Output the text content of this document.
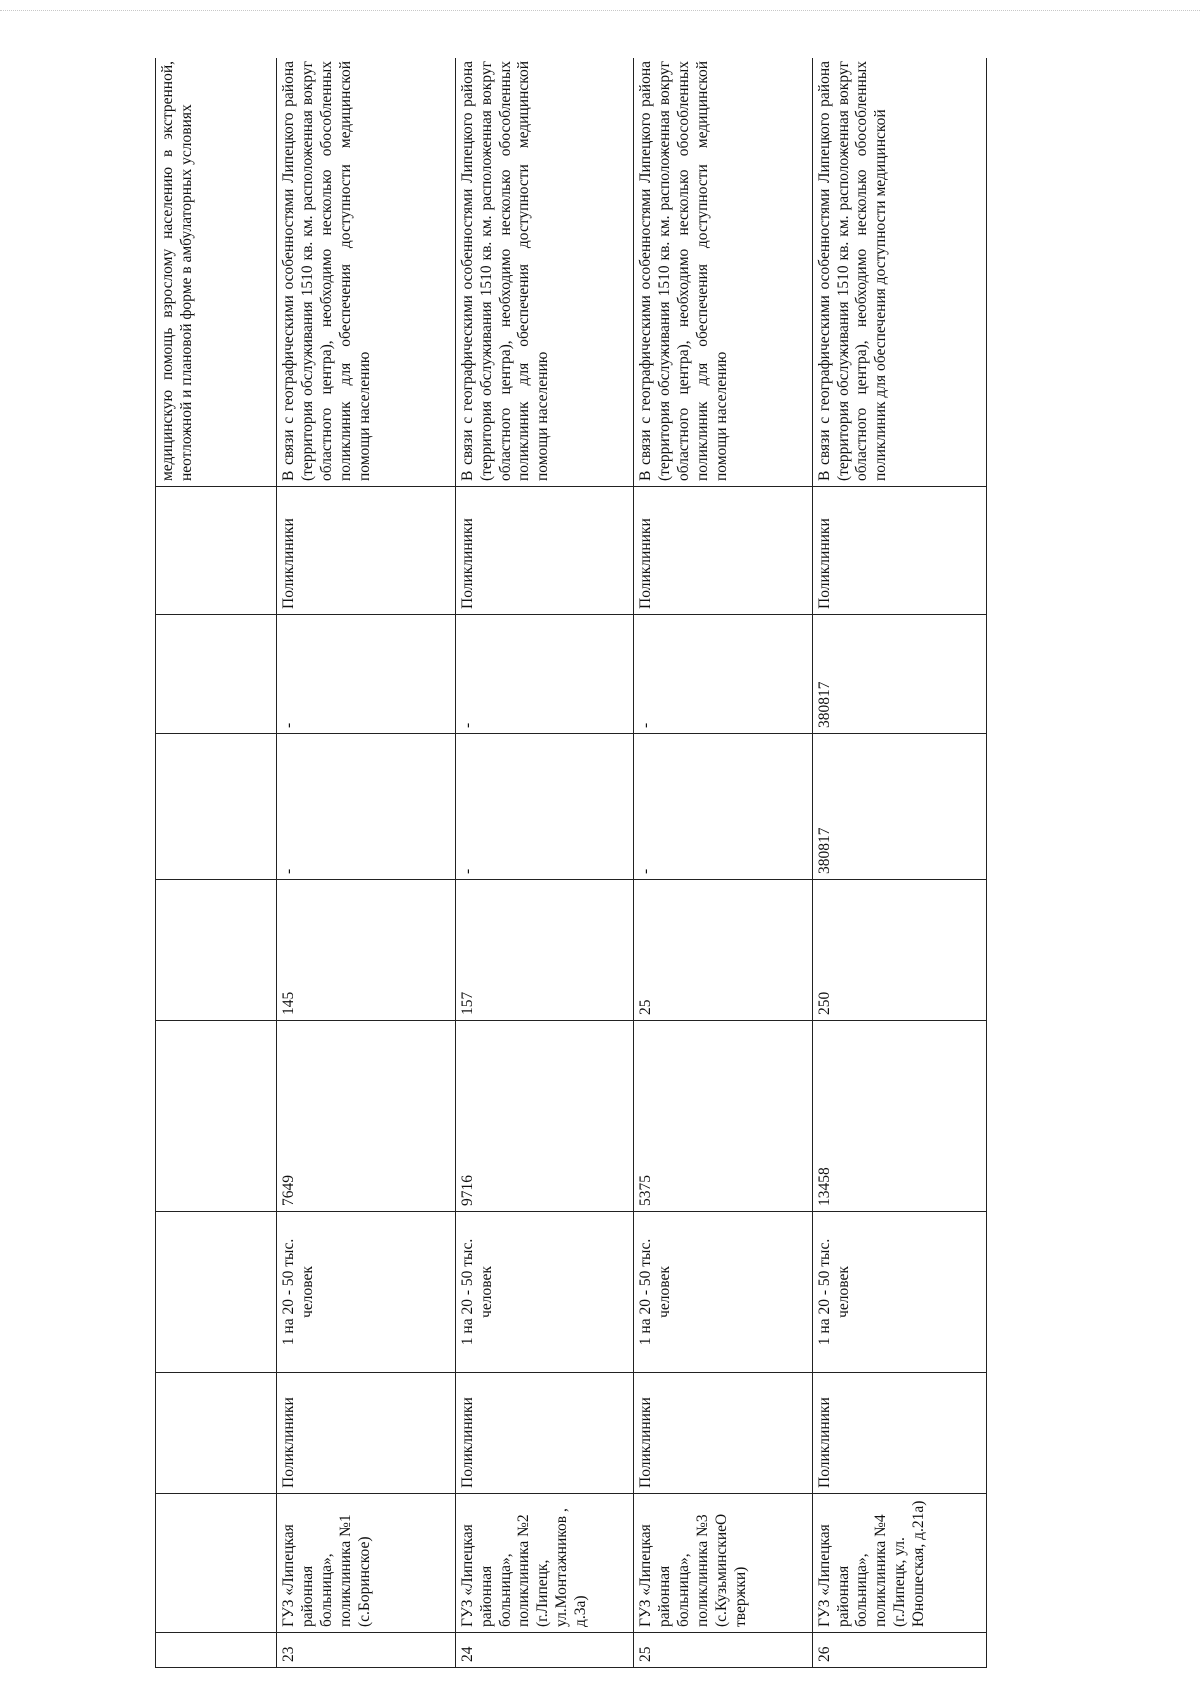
									медицинскую помощь взрослому населению в экстренной, неотложной и плановой форме в амбулаторных условиях
23	ГУЗ «Липецкая районная больница», поликлиника №1 (с.Боринское)	Поликлиники	1 на 20 - 50 тыс. человек	7649	145	-	-	Поликлиники	В связи с географическими особенностями Липецкого района (территория обслуживания 1510 кв. км. расположенная вокруг областного центра), необходимо несколько обособленных поликлиник для обеспечения доступности медицинской помощи населению
24	ГУЗ «Липецкая районная больница», поликлиника №2 (г.Липецк, ул.Монтажников , д.3а)	Поликлиники	1 на 20 - 50 тыс. человек	9716	157	-	-	Поликлиники	В связи с географическими особенностями Липецкого района (территория обслуживания 1510 кв. км. расположенная вокруг областного центра), необходимо несколько обособленных поликлиник для обеспечения доступности медицинской помощи населению
25	ГУЗ «Липецкая районная больница», поликлиника №3 (с.КузьминскиеО твержки)	Поликлиники	1 на 20 - 50 тыс. человек	5375	25	-	-	Поликлиники	В связи с географическими особенностями Липецкого района (территория обслуживания 1510 кв. км. расположенная вокруг областного центра), необходимо несколько обособленных поликлиник для обеспечения доступности медицинской помощи населению
26	ГУЗ «Липецкая районная больница», поликлиника №4 (г.Липецк, ул. Юношеская, д.21а)	Поликлиники	1 на 20 - 50 тыс. человек	13458	250	380817	380817	Поликлиники	В связи с географическими особенностями Липецкого района (территория обслуживания 1510 кв. км. расположенная вокруг областного центра), необходимо несколько обособленных поликлиник для обеспечения доступности медицинской
